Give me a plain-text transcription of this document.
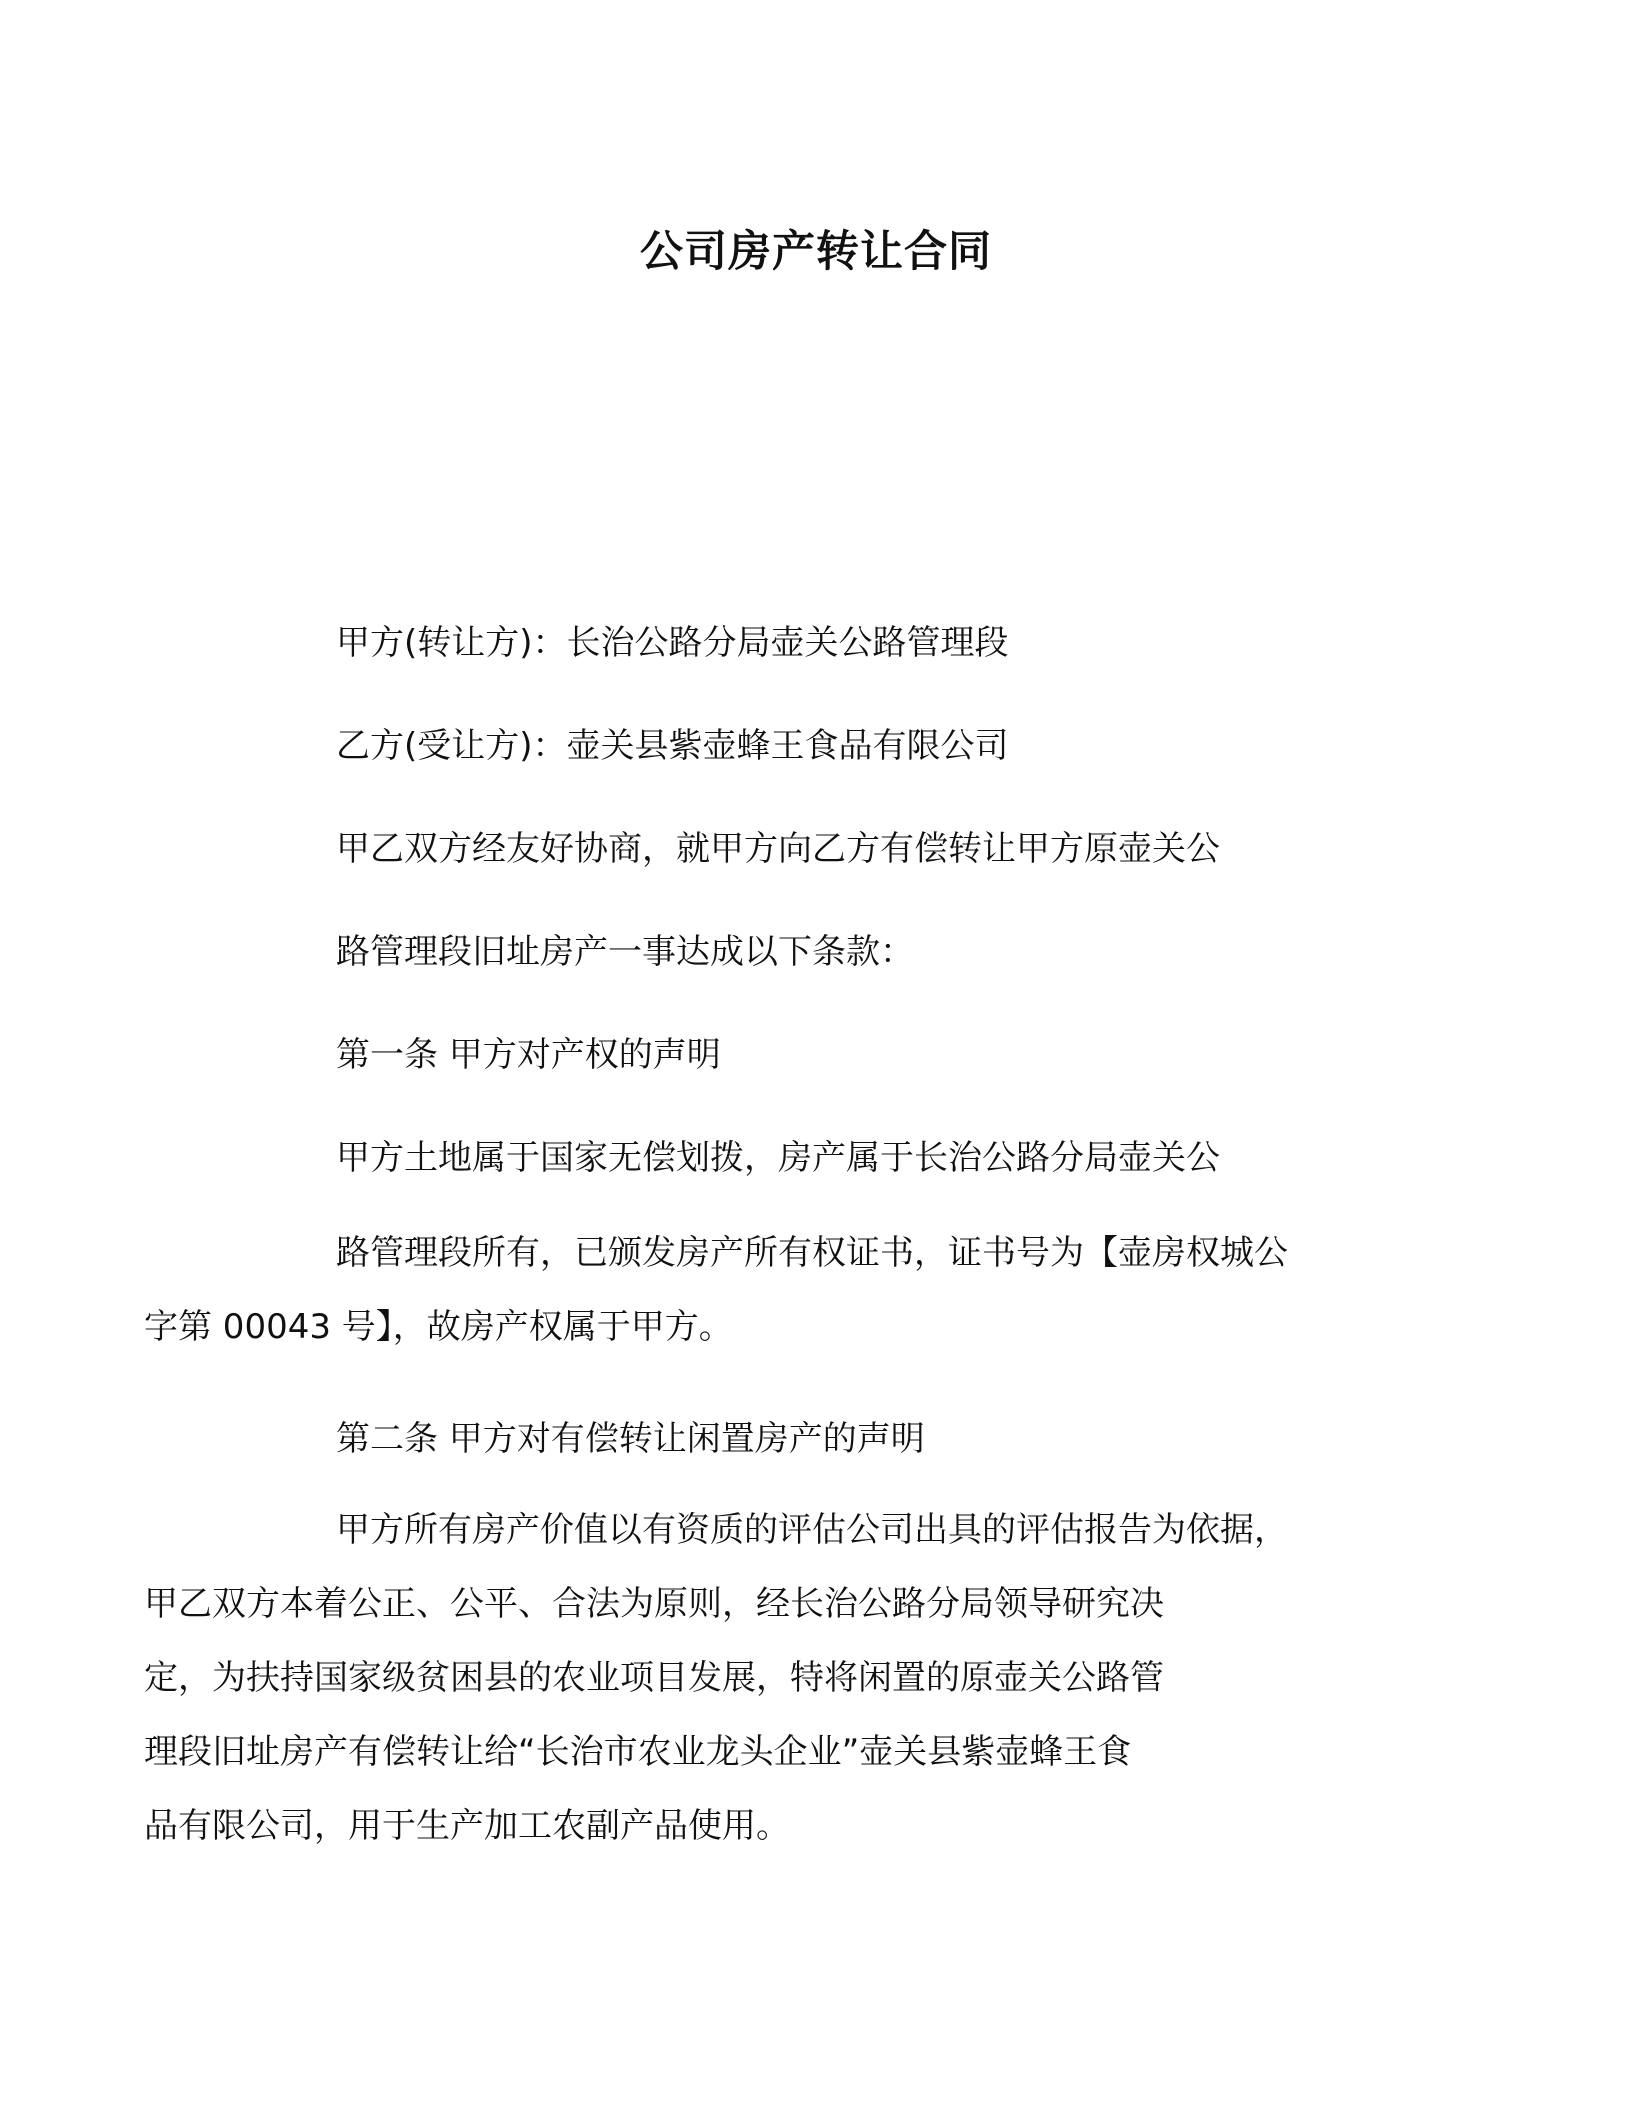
公司房产转让合同

甲方(转让方)：长治公路分局壶关公路管理段

乙方(受让方)：壶关县紫壶蜂王食品有限公司

甲乙双方经友好协商，就甲方向乙方有偿转让甲方原壶关公

路管理段旧址房产一事达成以下条款：

第一条 甲方对产权的声明

甲方土地属于国家无偿划拨，房产属于长治公路分局壶关公

路管理段所有，已颁发房产所有权证书，证书号为【壶房权城公
字第 00043 号】，故房产权属于甲方。

第二条 甲方对有偿转让闲置房产的声明

甲方所有房产价值以有资质的评估公司出具的评估报告为依据，
甲乙双方本着公正、公平、合法为原则，经长治公路分局领导研究决
定，为扶持国家级贫困县的农业项目发展，特将闲置的原壶关公路管
理段旧址房产有偿转让给“长治市农业龙头企业”壶关县紫壶蜂王食
品有限公司，用于生产加工农副产品使用。
